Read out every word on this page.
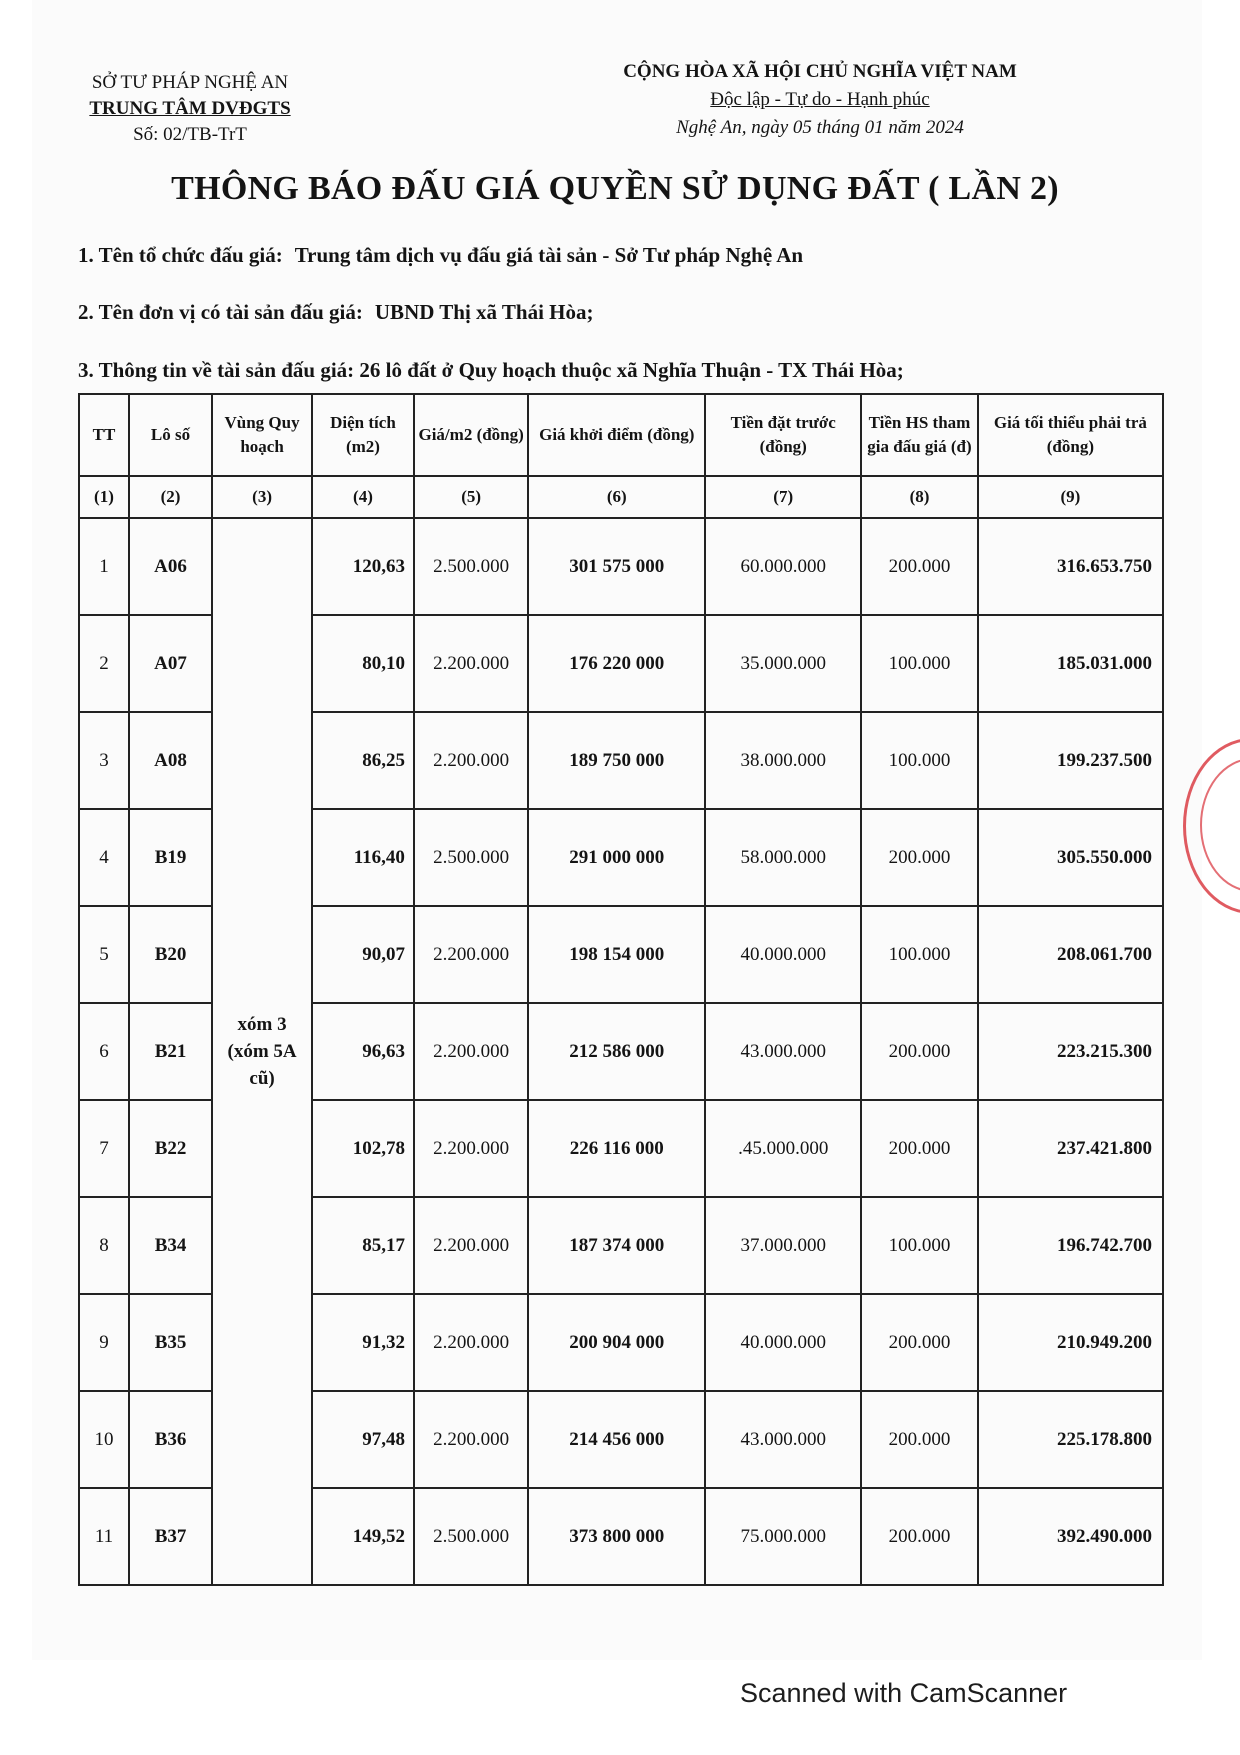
SỞ TƯ PHÁP NGHỆ AN
TRUNG TÂM DVĐGTS
Số: 02/TB-TrT
CỘNG HÒA XÃ HỘI CHỦ NGHĨA VIỆT NAM
Độc lập - Tự do - Hạnh phúc
Nghệ An, ngày 05 tháng 01 năm 2024
THÔNG BÁO ĐẤU GIÁ QUYỀN SỬ DỤNG ĐẤT ( LẦN 2)
1. Tên tổ chức đấu giá: Trung tâm dịch vụ đấu giá tài sản - Sở Tư pháp Nghệ An
2. Tên đơn vị có tài sản đấu giá: UBND Thị xã Thái Hòa;
3. Thông tin về tài sản đấu giá: 26 lô đất ở Quy hoạch thuộc xã Nghĩa Thuận - TX Thái Hòa;
TT	Lô số	Vùng Quy hoạch	Diện tích (m2)	Giá/m2 (đồng)	Giá khởi điểm (đồng)	Tiền đặt trước (đồng)	Tiền HS tham gia đấu giá (đ)	Giá tối thiểu phải trả (đồng)
(1)	(2)	(3)	(4)	(5)	(6)	(7)	(8)	(9)
1	A06	xóm 3 (xóm 5A cũ)	120,63	2.500.000	301 575 000	60.000.000	200.000	316.653.750
2	A07		80,10	2.200.000	176 220 000	35.000.000	100.000	185.031.000
3	A08		86,25	2.200.000	189 750 000	38.000.000	100.000	199.237.500
4	B19		116,40	2.500.000	291 000 000	58.000.000	200.000	305.550.000
5	B20		90,07	2.200.000	198 154 000	40.000.000	100.000	208.061.700
6	B21		96,63	2.200.000	212 586 000	43.000.000	200.000	223.215.300
7	B22		102,78	2.200.000	226 116 000	.45.000.000	200.000	237.421.800
8	B34		85,17	2.200.000	187 374 000	37.000.000	100.000	196.742.700
9	B35		91,32	2.200.000	200 904 000	40.000.000	200.000	210.949.200
10	B36		97,48	2.200.000	214 456 000	43.000.000	200.000	225.178.800
11	B37		149,52	2.500.000	373 800 000	75.000.000	200.000	392.490.000
Scanned with CamScanner
